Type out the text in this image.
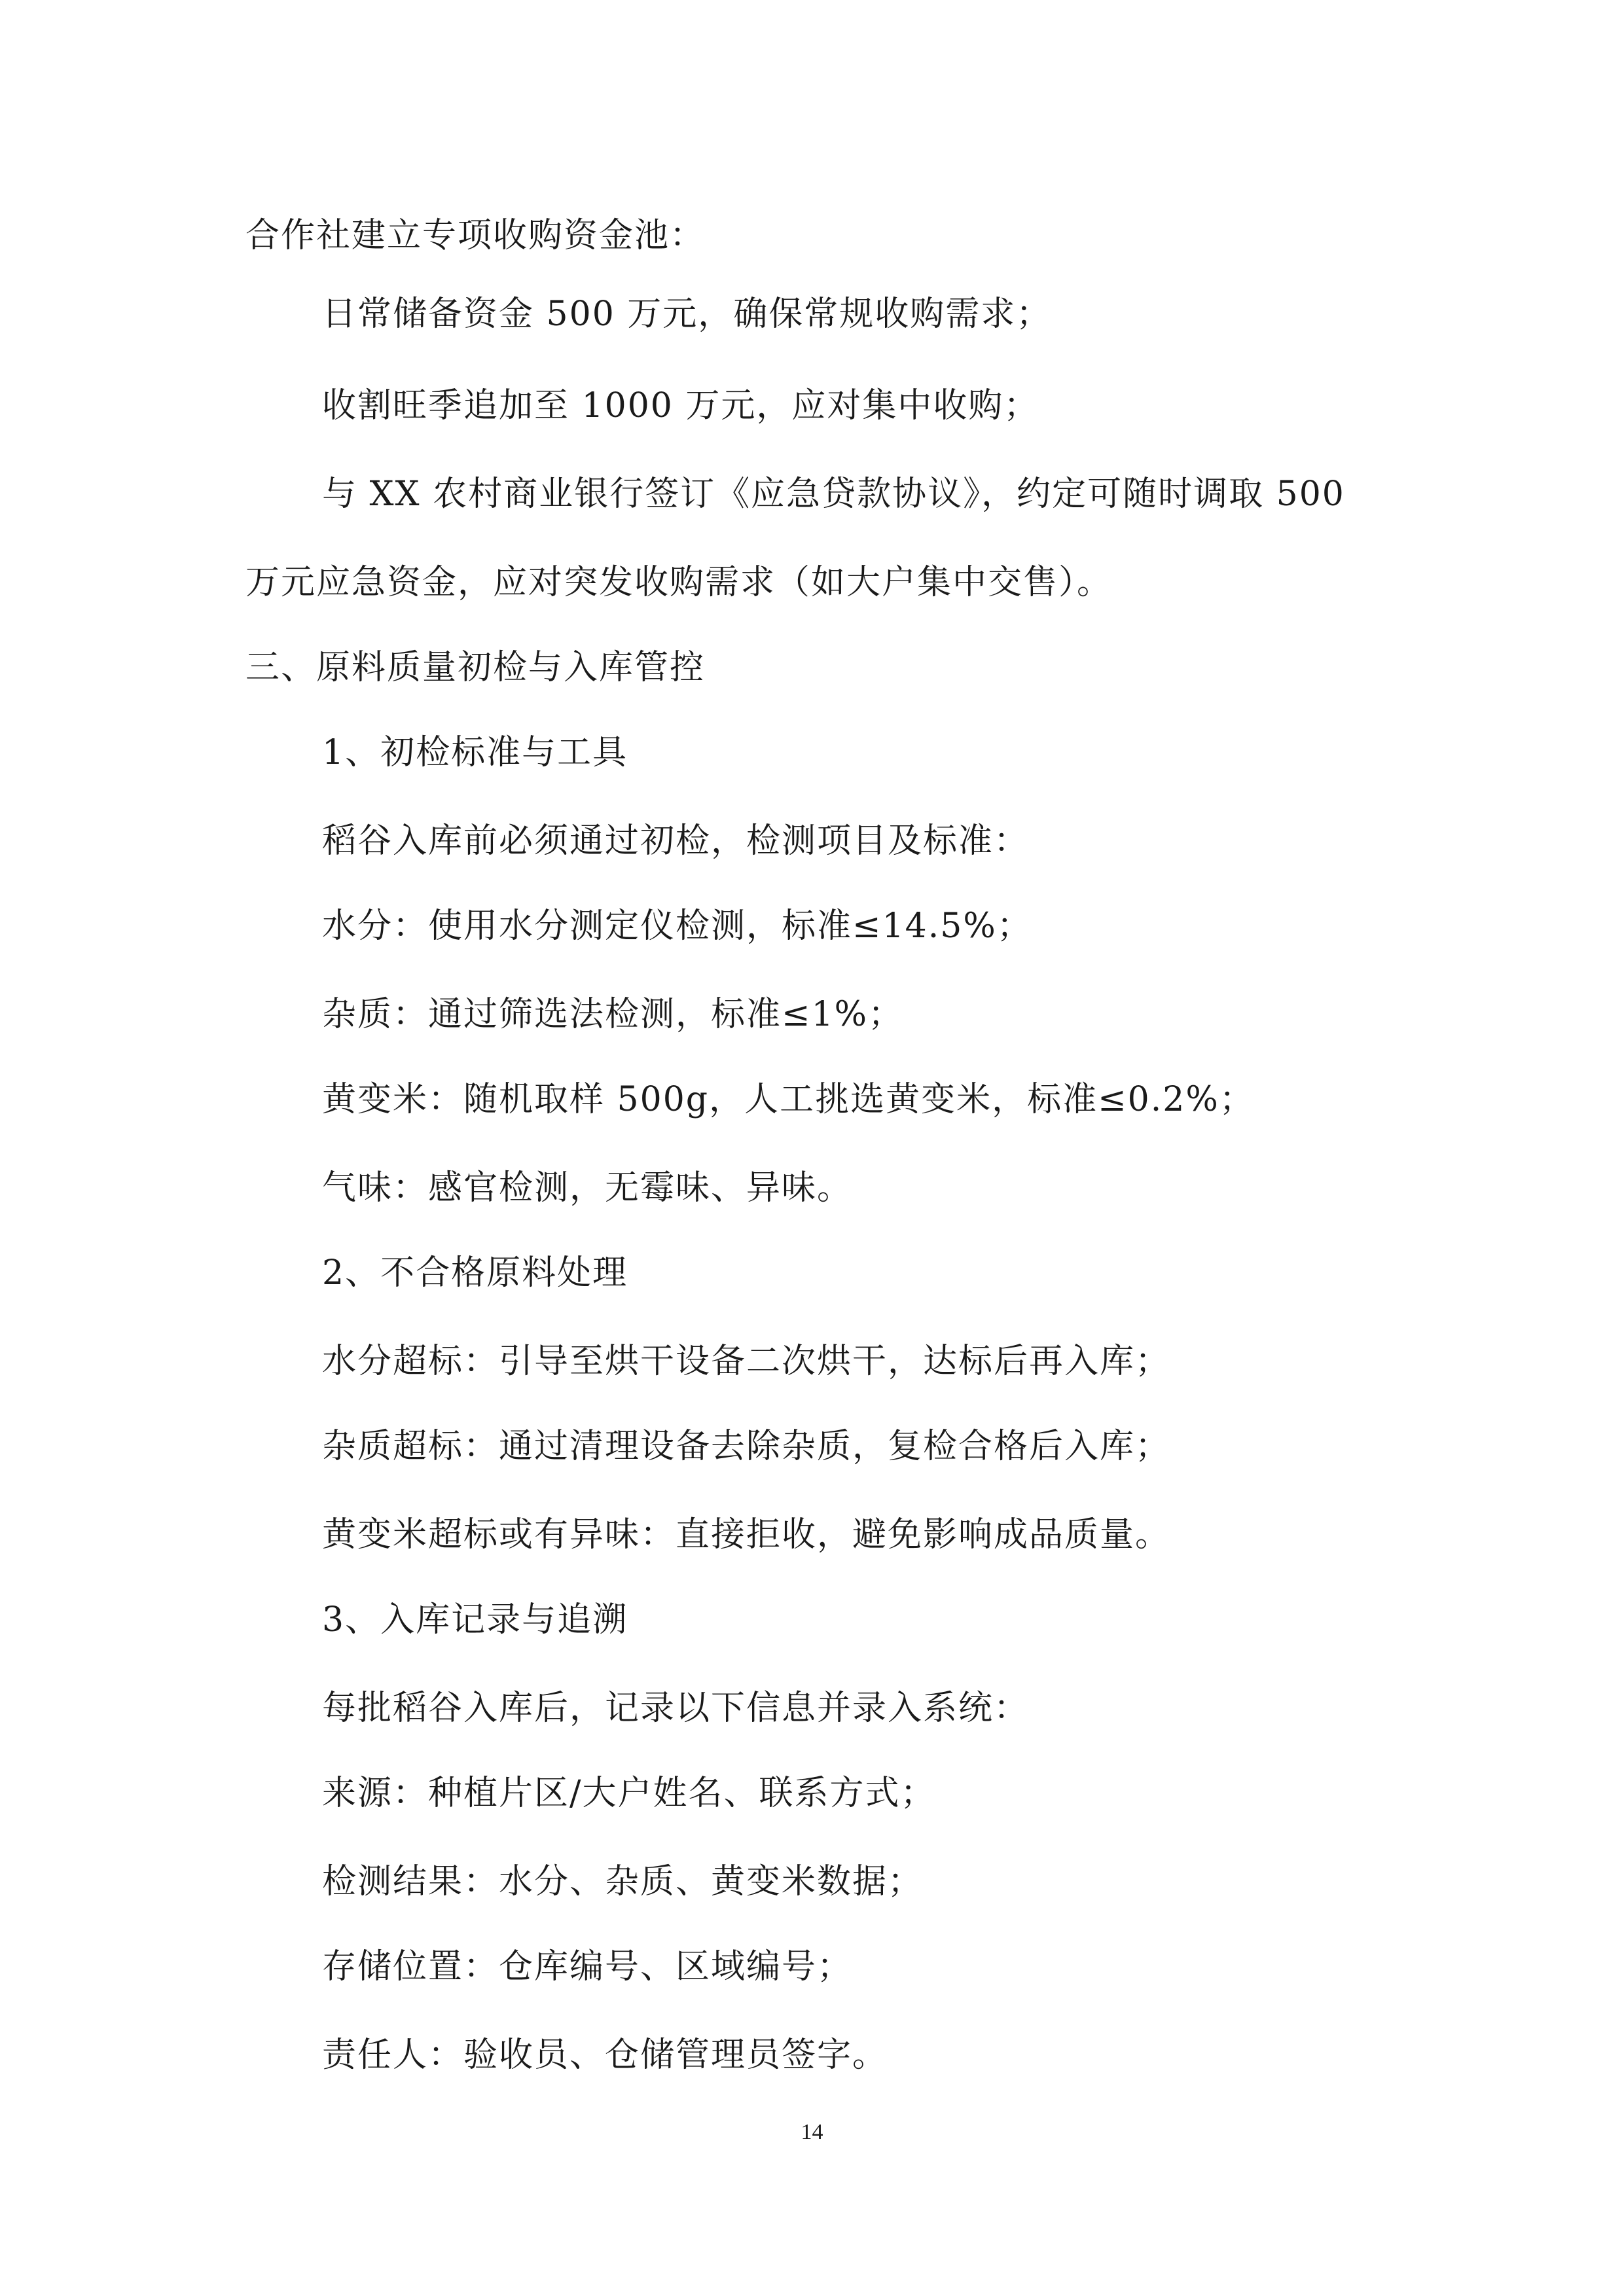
合作社建立专项收购资金池：
日常储备资金 500 万元，确保常规收购需求；
收割旺季追加至 1000 万元，应对集中收购；
与 XX 农村商业银行签订《应急贷款协议》，约定可随时调取 500
万元应急资金，应对突发收购需求（如大户集中交售）。
三、原料质量初检与入库管控
1、初检标准与工具
稻谷入库前必须通过初检，检测项目及标准：
水分：使用水分测定仪检测，标准≤14.5%；
杂质：通过筛选法检测，标准≤1%；
黄变米：随机取样 500g，人工挑选黄变米，标准≤0.2%；
气味：感官检测，无霉味、异味。
2、不合格原料处理
水分超标：引导至烘干设备二次烘干，达标后再入库；
杂质超标：通过清理设备去除杂质，复检合格后入库；
黄变米超标或有异味：直接拒收，避免影响成品质量。
3、入库记录与追溯
每批稻谷入库后，记录以下信息并录入系统：
来源：种植片区/大户姓名、联系方式；
检测结果：水分、杂质、黄变米数据；
存储位置：仓库编号、区域编号；
责任人：验收员、仓储管理员签字。
14
